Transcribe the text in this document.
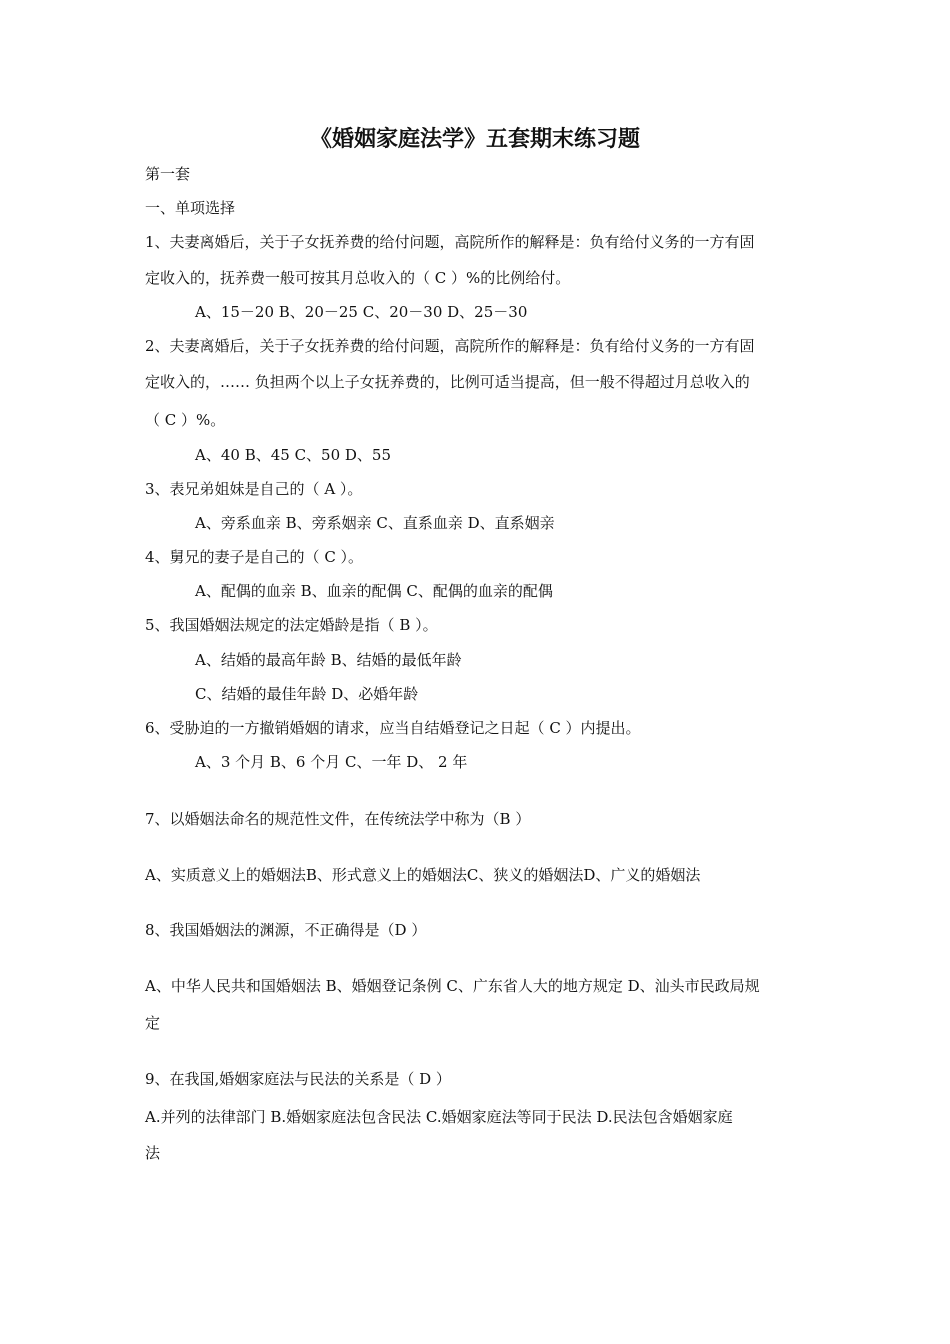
《婚姻家庭法学》五套期末练习题
第一套
一、单项选择
1、夫妻离婚后，关于子女抚养费的给付问题，高院所作的解释是：负有给付义务的一方有固
定收入的，抚养费一般可按其月总收入的（ C ）%的比例给付。
A、15－20 B、20－25 C、20－30 D、25－30
2、夫妻离婚后，关于子女抚养费的给付问题，高院所作的解释是：负有给付义务的一方有固
定收入的，…… 负担两个以上子女抚养费的，比例可适当提高，但一般不得超过月总收入的
（ C ）%。
A、40 B、45 C、50 D、55
3、表兄弟姐妹是自己的（ A ）。
A、旁系血亲 B、旁系姻亲 C、直系血亲 D、直系姻亲
4、舅兄的妻子是自己的（ C ）。
A、配偶的血亲 B、血亲的配偶 C、配偶的血亲的配偶
5、我国婚姻法规定的法定婚龄是指（ B ）。
A、结婚的最高年龄 B、结婚的最低年龄
C、结婚的最佳年龄 D、必婚年龄
6、受胁迫的一方撤销婚姻的请求，应当自结婚登记之日起（ C ）内提出。
A、3 个月 B、6 个月 C、一年 D、 2 年
7、以婚姻法命名的规范性文件，在传统法学中称为（B ）
A、实质意义上的婚姻法B、形式意义上的婚姻法C、狭义的婚姻法D、广义的婚姻法
8、我国婚姻法的渊源，不正确得是（D ）
A、中华人民共和国婚姻法 B、婚姻登记条例 C、广东省人大的地方规定 D、汕头市民政局规
定
9、在我国,婚姻家庭法与民法的关系是（ D ）
A.并列的法律部门 B.婚姻家庭法包含民法 C.婚姻家庭法等同于民法 D.民法包含婚姻家庭
法
